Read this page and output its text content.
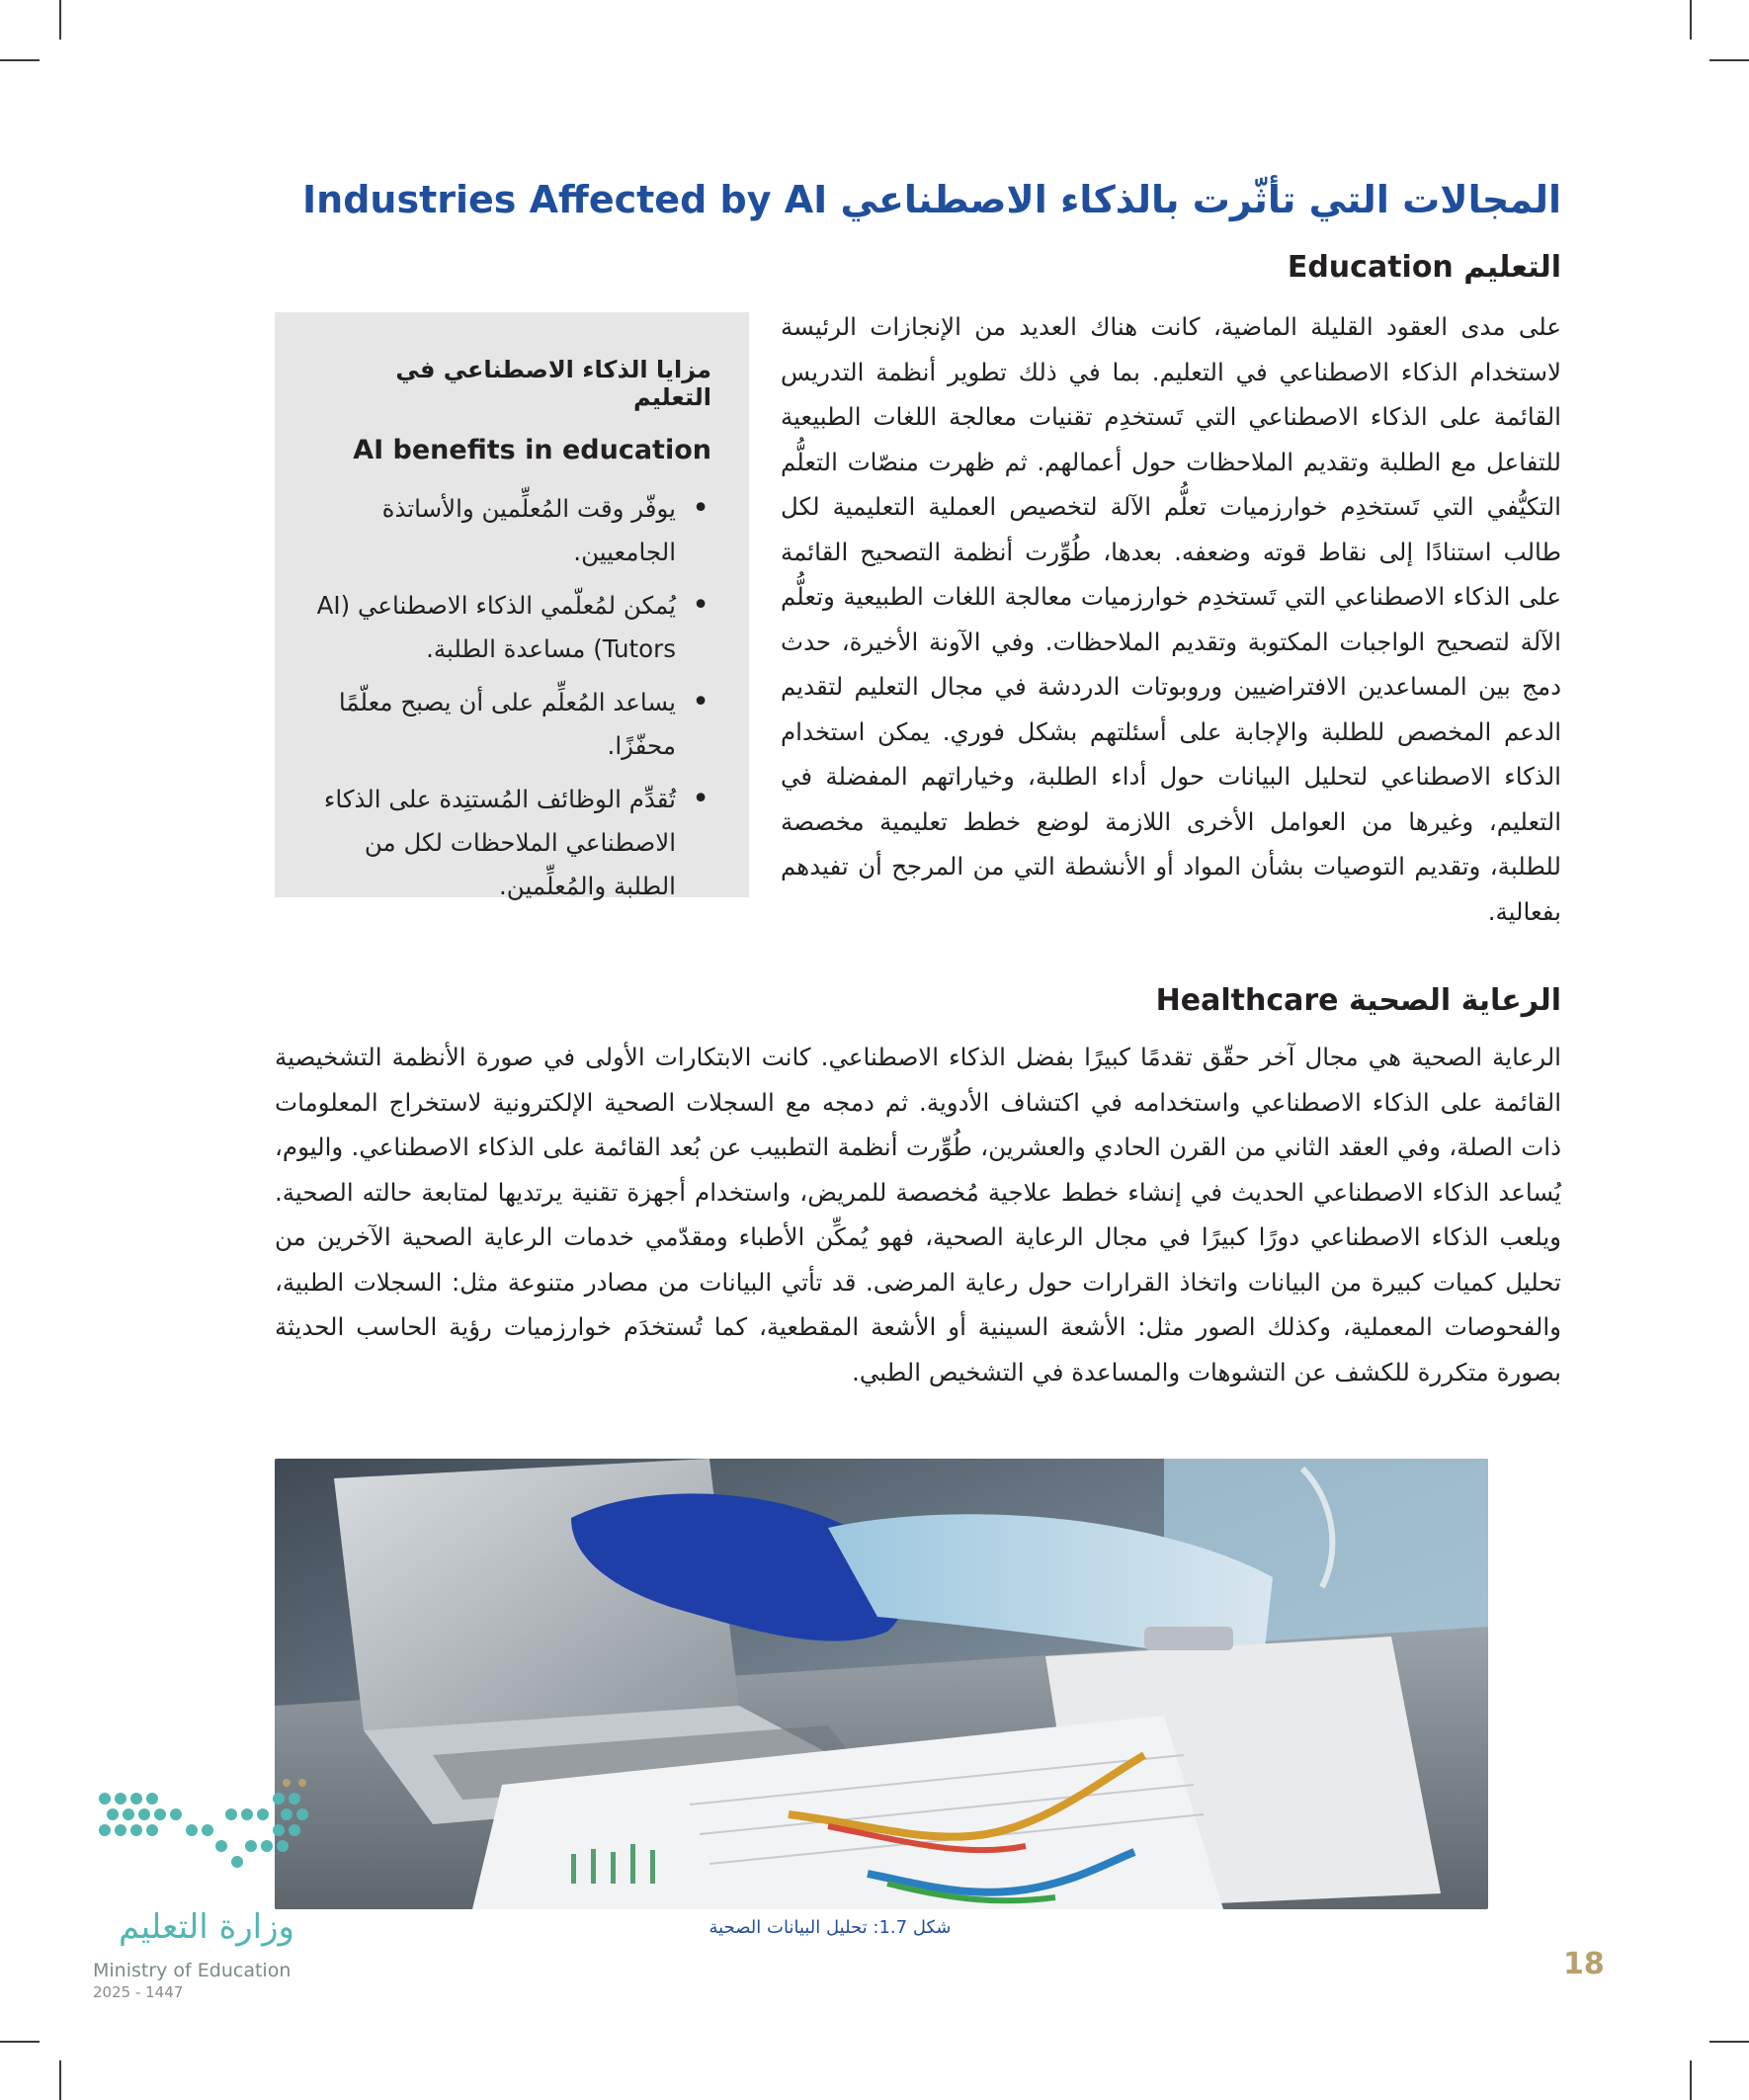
المجالات التي تأثّرت بالذكاء الاصطناعي Industries Affected by AI
التعليم Education
على مدى العقود القليلة الماضية، كانت هناك العديد من الإنجازات الرئيسة لاستخدام الذكاء الاصطناعي في التعليم. بما في ذلك تطوير أنظمة التدريس القائمة على الذكاء الاصطناعي التي تَستخدِم تقنيات معالجة اللغات الطبيعية للتفاعل مع الطلبة وتقديم الملاحظات حول أعمالهم. ثم ظهرت منصّات التعلُّم التكيُّفي التي تَستخدِم خوارزميات تعلُّم الآلة لتخصيص العملية التعليمية لكل طالب استنادًا إلى نقاط قوته وضعفه. بعدها، طُوِّرت أنظمة التصحيح القائمة على الذكاء الاصطناعي التي تَستخدِم خوارزميات معالجة اللغات الطبيعية وتعلُّم الآلة لتصحيح الواجبات المكتوبة وتقديم الملاحظات. وفي الآونة الأخيرة، حدث دمج بين المساعدين الافتراضيين وروبوتات الدردشة في مجال التعليم لتقديم الدعم المخصص للطلبة والإجابة على أسئلتهم بشكل فوري. يمكن استخدام الذكاء الاصطناعي لتحليل البيانات حول أداء الطلبة، وخياراتهم المفضلة في التعليم، وغيرها من العوامل الأخرى اللازمة لوضع خطط تعليمية مخصصة للطلبة، وتقديم التوصيات بشأن المواد أو الأنشطة التي من المرجح أن تفيدهم بفعالية.
مزايا الذكاء الاصطناعي في التعليم
AI benefits in education
• يوفّر وقت المُعلِّمين والأساتذة الجامعيين.
• يُمكن لمُعلّمي الذكاء الاصطناعي (AI Tutors) مساعدة الطلبة.
• يساعد المُعلِّم على أن يصبح معلّمًا محفّزًا.
• تُقدِّم الوظائف المُستنِدة على الذكاء الاصطناعي الملاحظات لكل من الطلبة والمُعلِّمين.
الرعاية الصحية Healthcare
الرعاية الصحية هي مجال آخر حقّق تقدمًا كبيرًا بفضل الذكاء الاصطناعي. كانت الابتكارات الأولى في صورة الأنظمة التشخيصية القائمة على الذكاء الاصطناعي واستخدامه في اكتشاف الأدوية. ثم دمجه مع السجلات الصحية الإلكترونية لاستخراج المعلومات ذات الصلة، وفي العقد الثاني من القرن الحادي والعشرين، طُوِّرت أنظمة التطبيب عن بُعد القائمة على الذكاء الاصطناعي. واليوم، يُساعد الذكاء الاصطناعي الحديث في إنشاء خطط علاجية مُخصصة للمريض، واستخدام أجهزة تقنية يرتديها لمتابعة حالته الصحية. ويلعب الذكاء الاصطناعي دورًا كبيرًا في مجال الرعاية الصحية، فهو يُمكِّن الأطباء ومقدّمي خدمات الرعاية الصحية الآخرين من تحليل كميات كبيرة من البيانات واتخاذ القرارات حول رعاية المرضى. قد تأتي البيانات من مصادر متنوعة مثل: السجلات الطبية، والفحوصات المعملية، وكذلك الصور مثل: الأشعة السينية أو الأشعة المقطعية، كما تُستخدَم خوارزميات رؤية الحاسب الحديثة بصورة متكررة للكشف عن التشوهات والمساعدة في التشخيص الطبي.
شكل 1.7: تحليل البيانات الصحية
18
وزارة التعليم
Ministry of Education
2025 - 1447
